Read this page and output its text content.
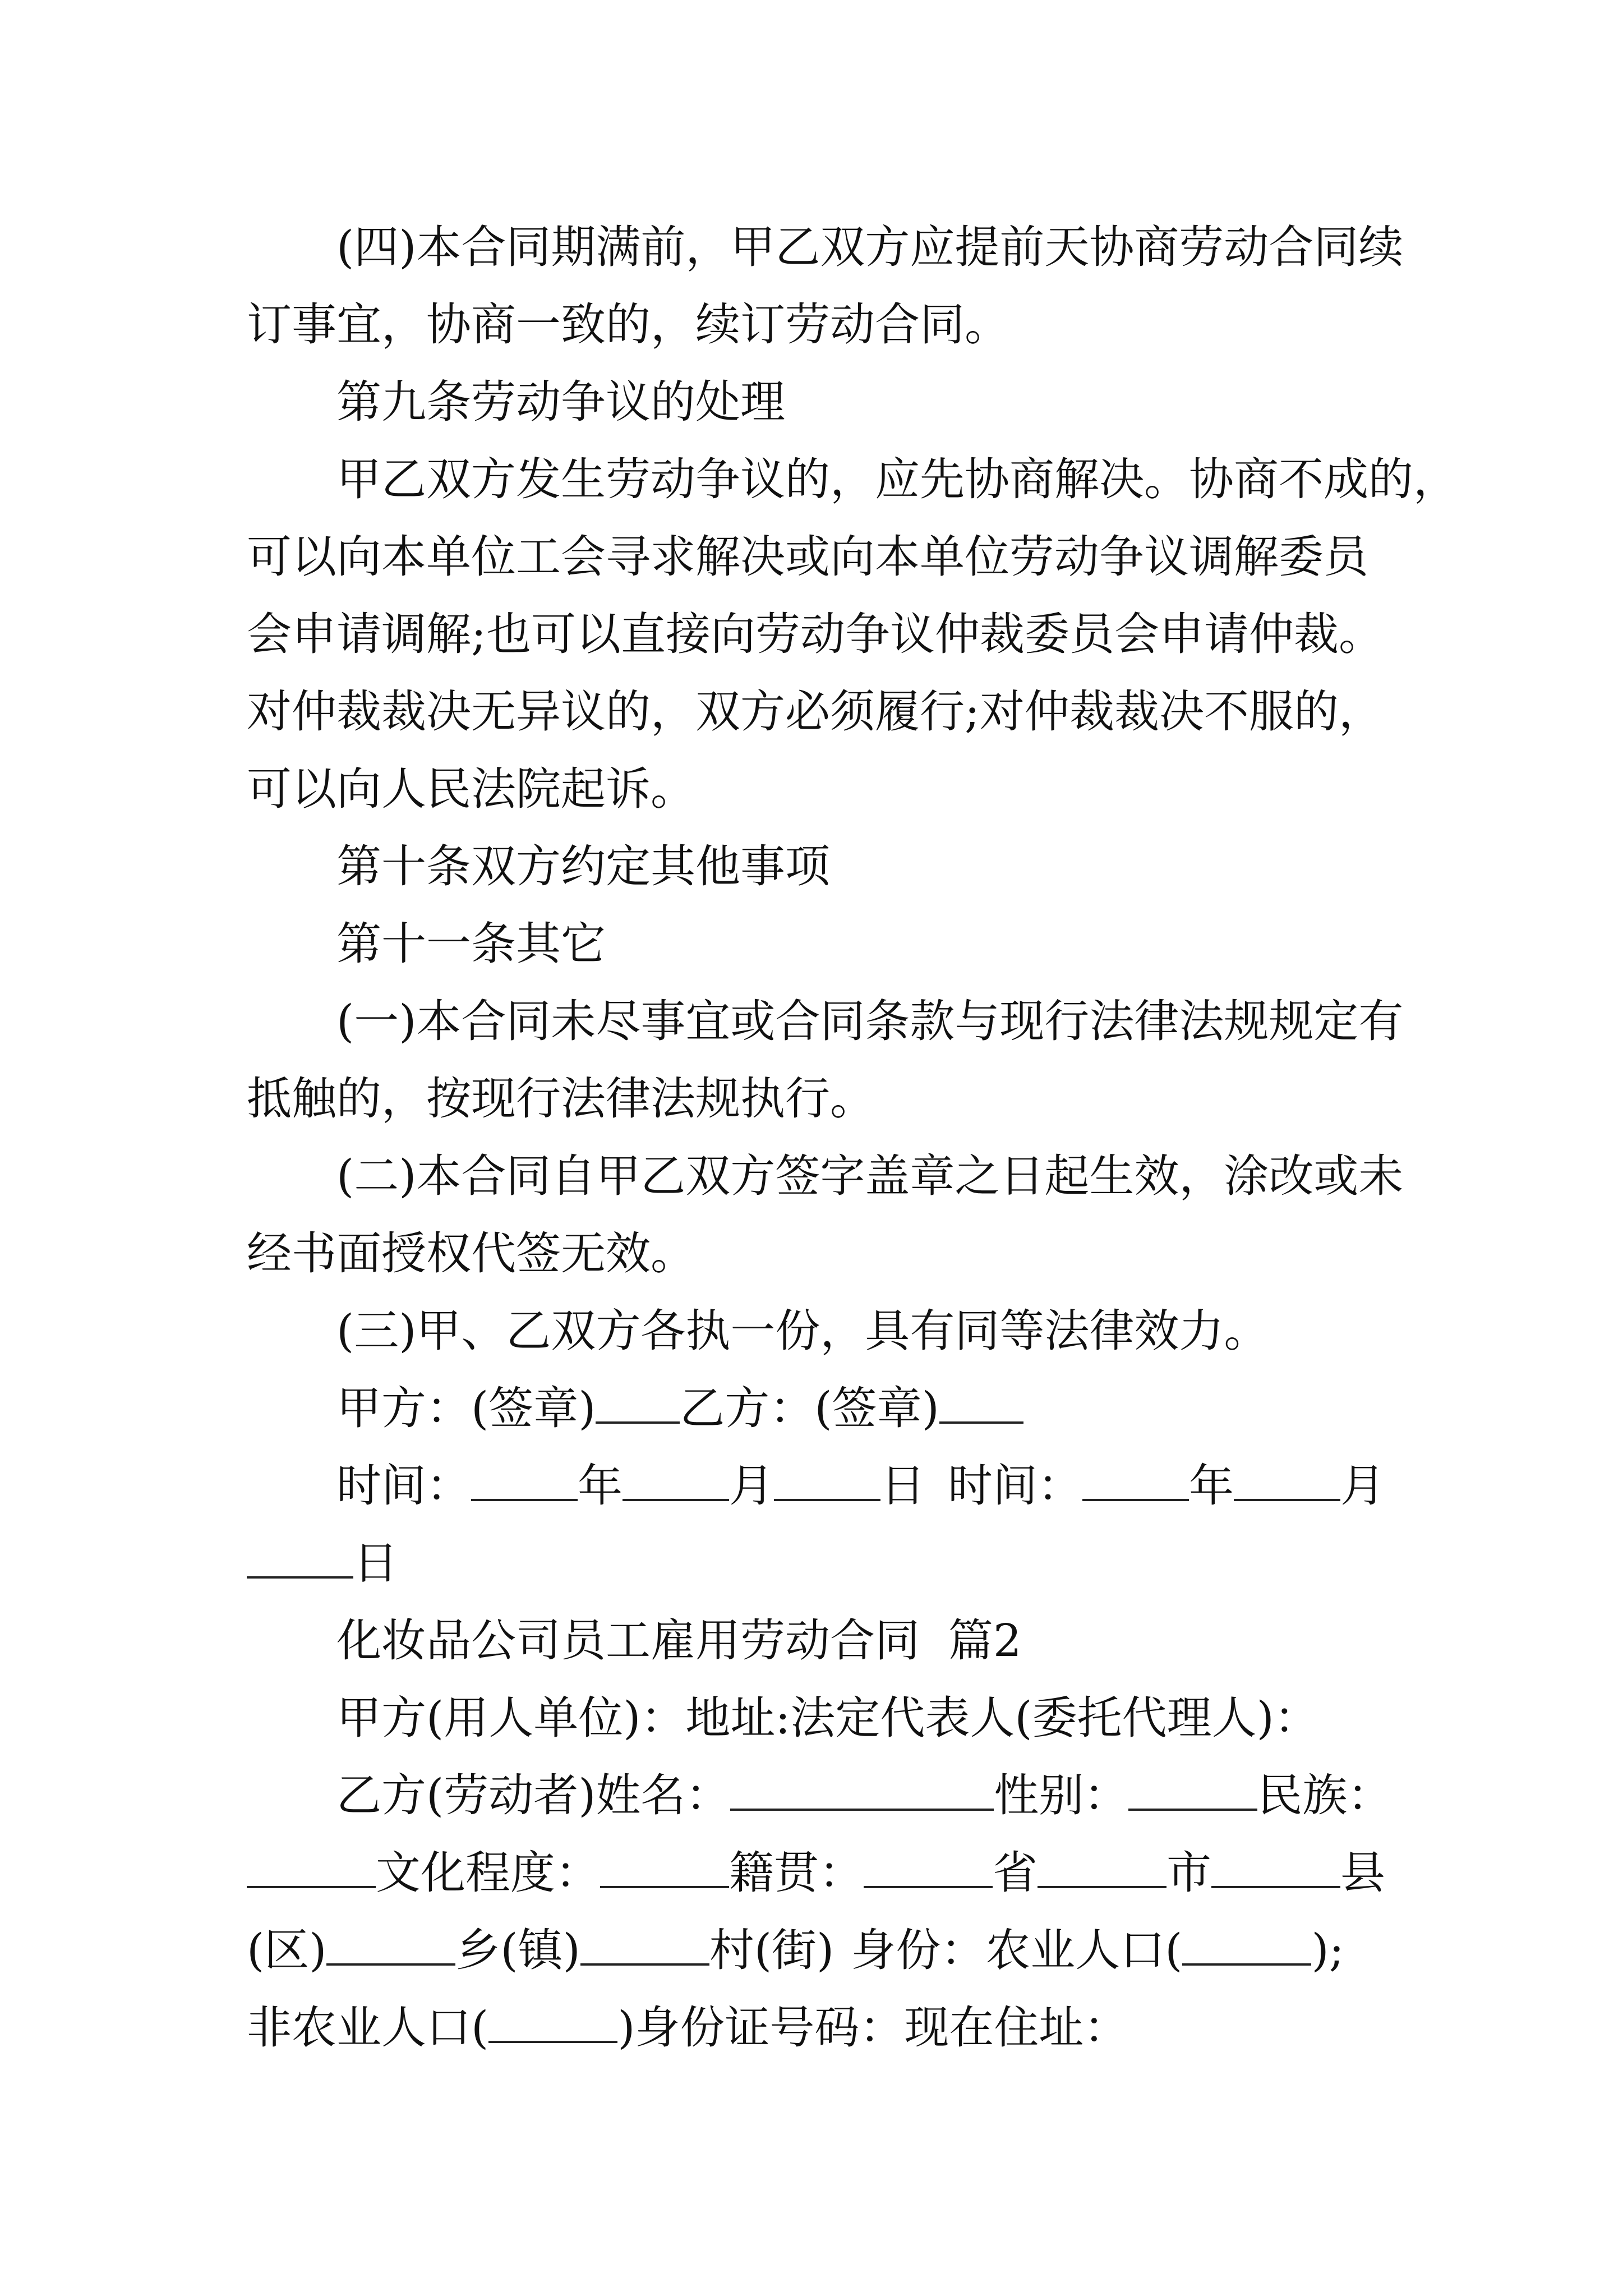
(四)本合同期满前，甲乙双方应提前天协商劳动合同续
订事宜，协商一致的，续订劳动合同。
第九条劳动争议的处理
甲乙双方发生劳动争议的，应先协商解决。协商不成的，
可以向本单位工会寻求解决或向本单位劳动争议调解委员
会申请调解;也可以直接向劳动争议仲裁委员会申请仲裁。
对仲裁裁决无异议的，双方必须履行;对仲裁裁决不服的，
可以向人民法院起诉。
第十条双方约定其他事项
第十一条其它
(一)本合同未尽事宜或合同条款与现行法律法规规定有
抵触的，按现行法律法规执行。
(二)本合同自甲乙双方签字盖章之日起生效，涂改或未
经书面授权代签无效。
(三)甲、乙双方各执一份，具有同等法律效力。
甲方：(签章) 乙方：(签章)
时间： 年 月 日 时间： 年 月
日
化妆品公司员工雇用劳动合同  篇2
甲方(用人单位)：地址:法定代表人(委托代理人)：
乙方(劳动者)姓名：	性别：	民族：
文化程度：	籍贯：	省	市	县
(区)	乡(镇)	村(街) 身份：农业人口(	);
非农业人口(	)身份证号码：现在住址：
